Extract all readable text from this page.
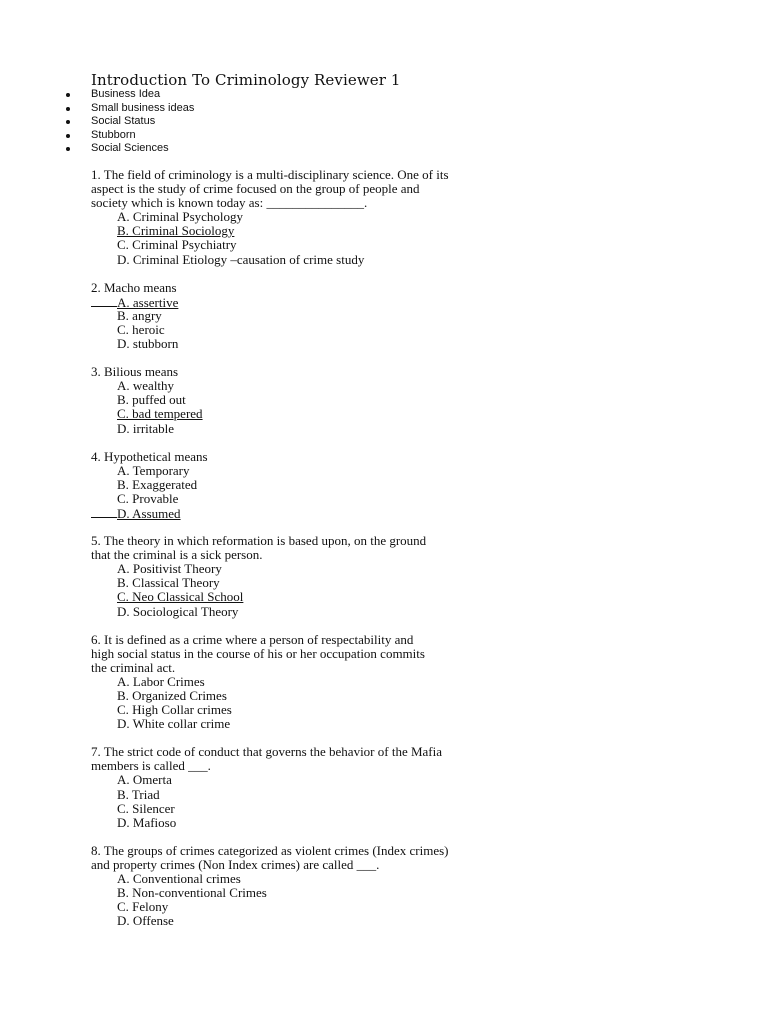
Introduction To Criminology Reviewer 1
Business Idea
Small business ideas
Social Status
Stubborn
Social Sciences
1. The field of criminology is a multi-disciplinary science. One of its
aspect is the study of crime focused on the group of people and
society which is known today as: _______________.
A. Criminal Psychology
B. Criminal Sociology
C. Criminal Psychiatry
D. Criminal Etiology –causation of crime study
2. Macho means
A. assertive
B. angry
C. heroic
D. stubborn
3. Bilious means
A. wealthy
B. puffed out
C. bad tempered
D. irritable
4. Hypothetical means
A. Temporary
B. Exaggerated
C. Provable
D. Assumed
5. The theory in which reformation is based upon, on the ground
that the criminal is a sick person.
A. Positivist Theory
B. Classical Theory
C. Neo Classical School
D. Sociological Theory
6. It is defined as a crime where a person of respectability and
high social status in the course of his or her occupation commits
the criminal act.
A. Labor Crimes
B. Organized Crimes
C. High Collar crimes
D. White collar crime
7. The strict code of conduct that governs the behavior of the Mafia
members is called ___.
A. Omerta
B. Triad
C. Silencer
D. Mafioso
8. The groups of crimes categorized as violent crimes (Index crimes)
and property crimes (Non Index crimes) are called ___.
A. Conventional crimes
B. Non-conventional Crimes
C. Felony
D. Offense
